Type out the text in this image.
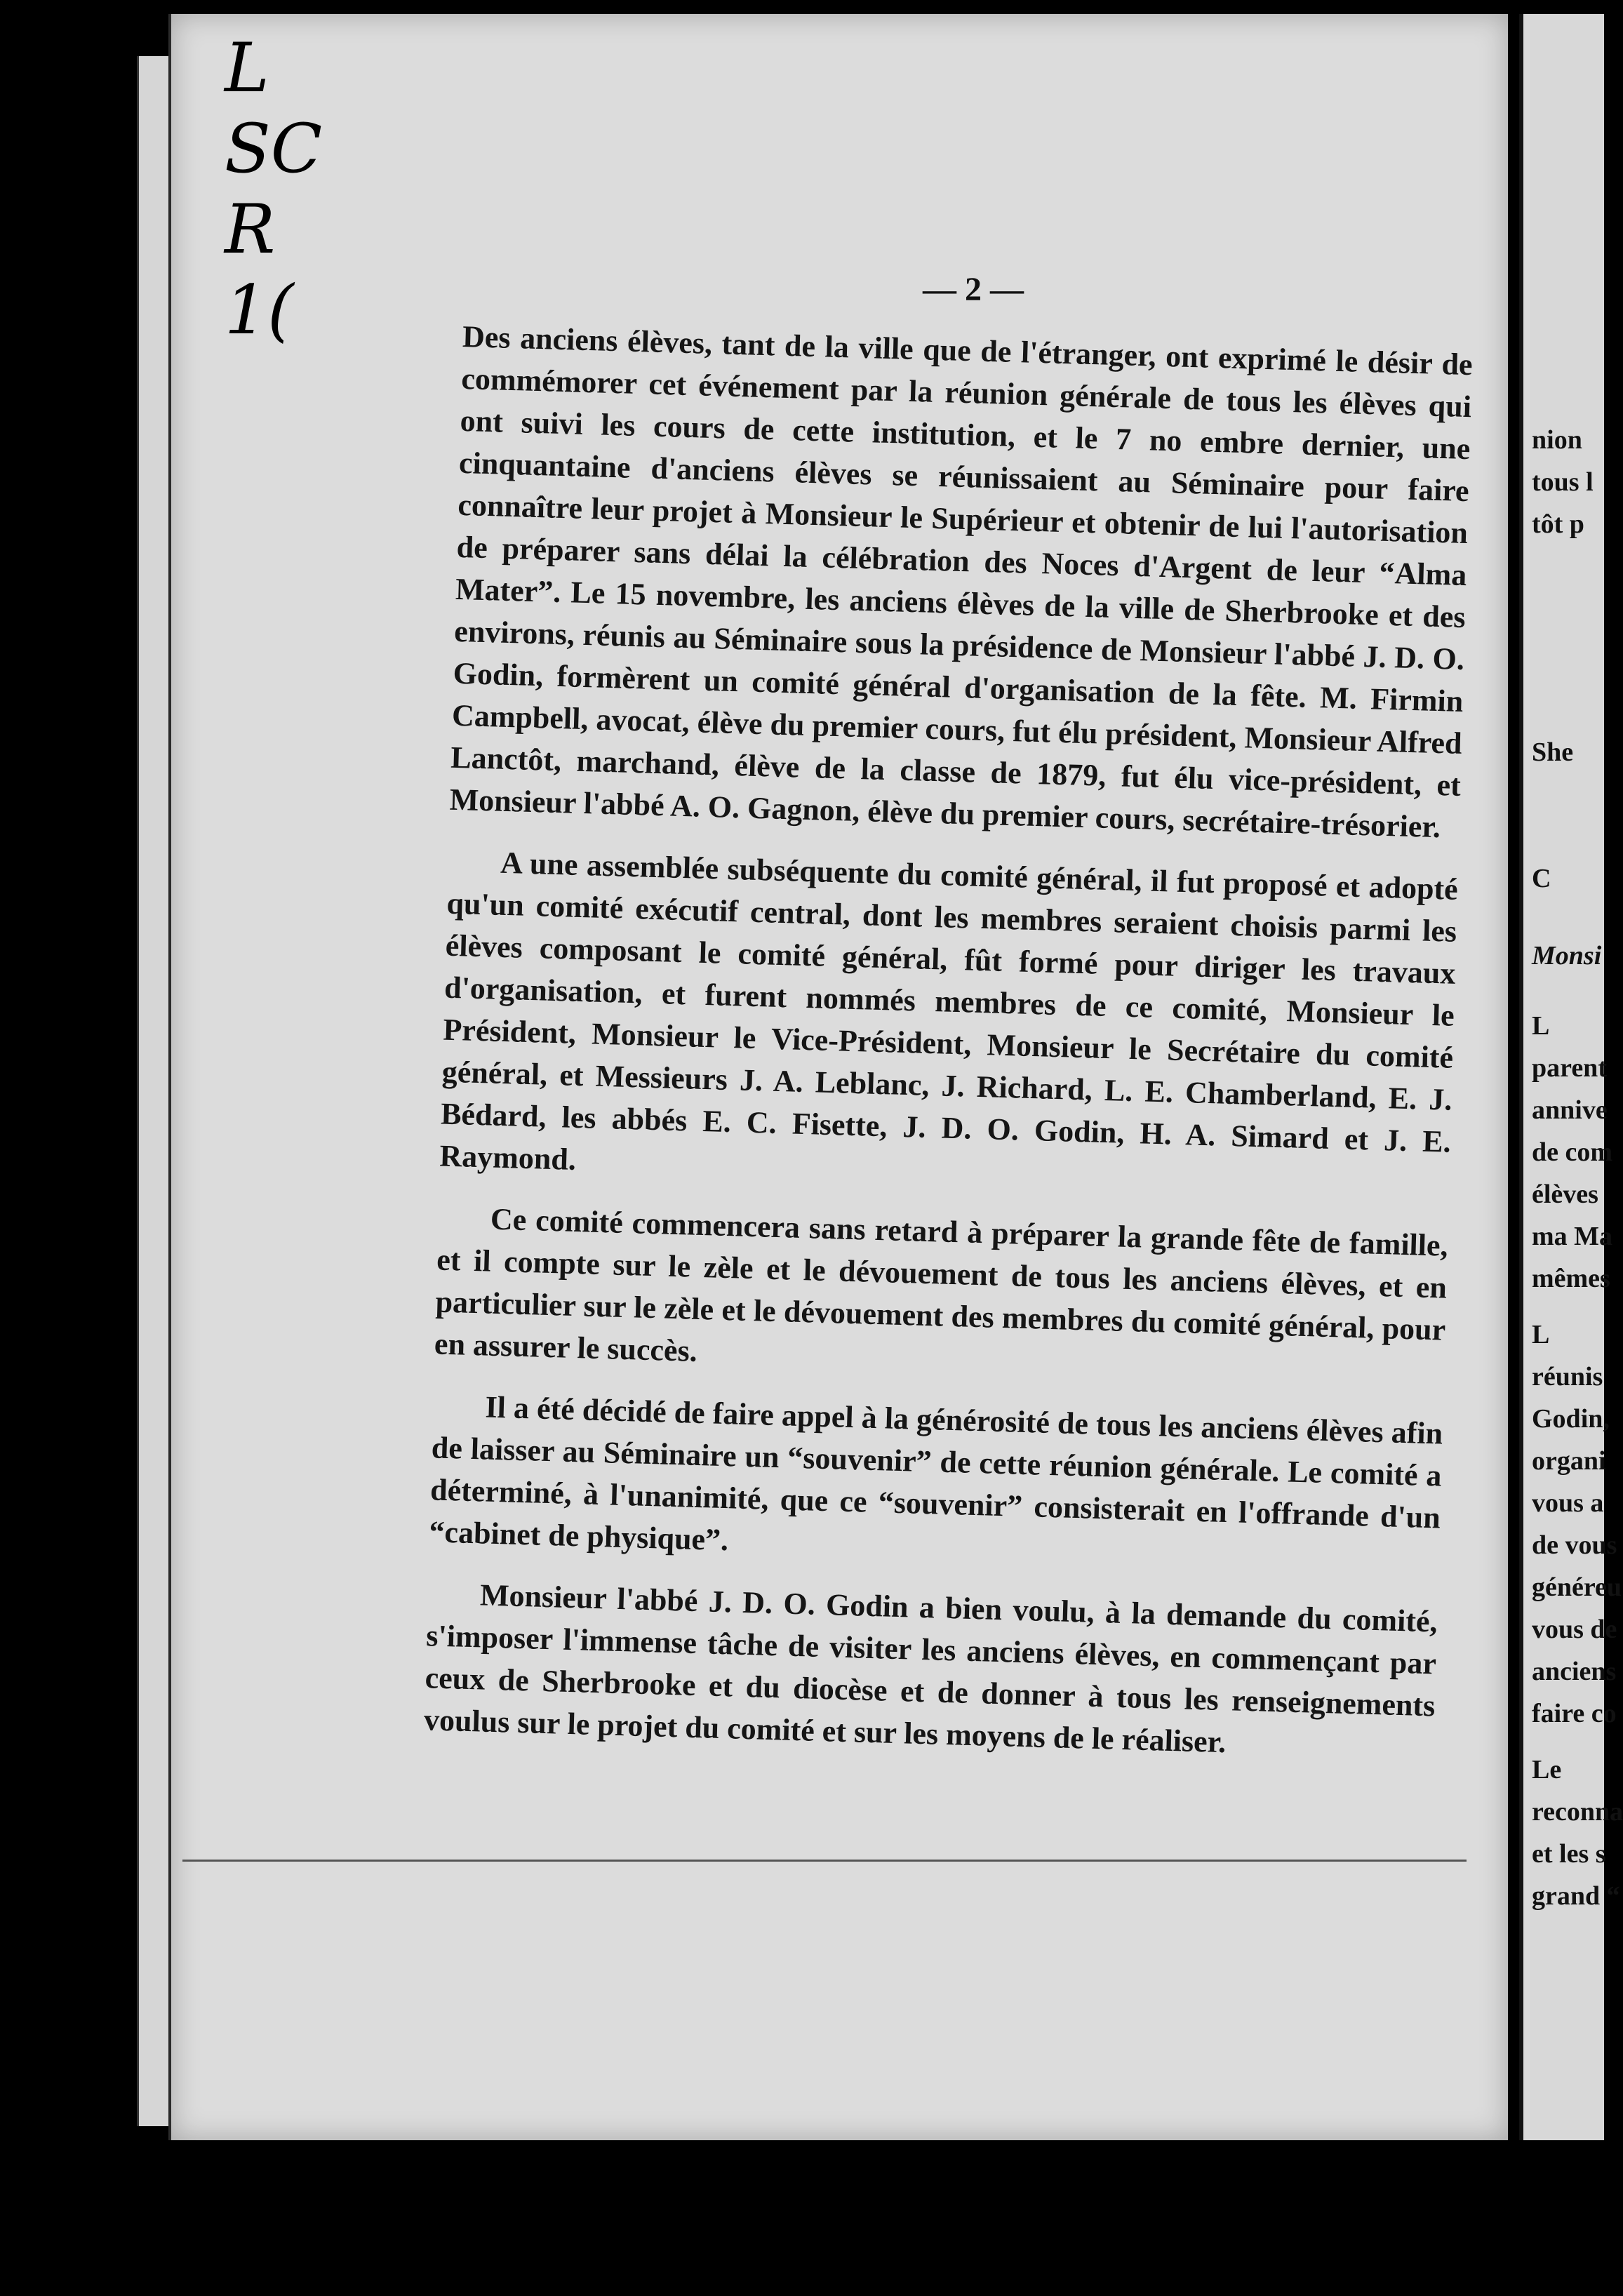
L
SC
R
1(	— 2 —

Des anciens élèves, tant de la ville que de l'étranger, ont exprimé le désir de commémorer cet événement par la réunion générale de tous les élèves qui ont suivi les cours de cette institution, et le 7 no embre dernier, une cinquantaine d'anciens élèves se réunissaient au Séminaire pour faire connaître leur projet à Monsieur le Supérieur et obtenir de lui l'autorisation de préparer sans délai la célébration des Noces d'Argent de leur “Alma Mater”. Le 15 novembre, les anciens élèves de la ville de Sherbrooke et des environs, réunis au Séminaire sous la présidence de Monsieur l'abbé J. D. O. Godin, formèrent un comité général d'organisation de la fête. M. Firmin Campbell, avocat, élève du premier cours, fut élu président, Monsieur Alfred Lanctôt, marchand, élève de la classe de 1879, fut élu vice-président, et Monsieur l'abbé A. O. Gagnon, élève du premier cours, secrétaire-trésorier.

A une assemblée subséquente du comité général, il fut proposé et adopté qu'un comité exécutif central, dont les membres seraient choisis parmi les élèves composant le comité général, fût formé pour diriger les travaux d'organisation, et furent nommés membres de ce comité, Monsieur le Président, Monsieur le Vice-Président, Monsieur le Secrétaire du comité général, et Messieurs J. A. Leblanc, J. Richard, L. E. Chamberland, E. J. Bédard, les abbés E. C. Fisette, J. D. O. Godin, H. A. Simard et J. E. Raymond.

Ce comité commencera sans retard à préparer la grande fête de famille, et il compte sur le zèle et le dévouement de tous les anciens élèves, et en particulier sur le zèle et le dévouement des membres du comité général, pour en assurer le succès.

Il a été décidé de faire appel à la générosité de tous les anciens élèves afin de laisser au Séminaire un “souvenir” de cette réunion générale. Le comité a déterminé, à l'unanimité, que ce “souvenir” consisterait en l'offrande d'un “cabinet de physique”.

Monsieur l'abbé J. D. O. Godin a bien voulu, à la demande du comité, s'imposer l'immense tâche de visiter les anciens élèves, en commençant par ceux de Sherbrooke et du diocèse et de donner à tous les renseignements voulus sur le projet du comité et sur les moyens de le réaliser.

nion
tous l
tôt p
She
C
Monsi
L
parent
annive
de com
élèves
ma Ma
mêmes
L
réunis
Godin,
organi
vous a
de vous
généreu
vous de
anciens
faire co
Le
reconna
et les s
grand “
